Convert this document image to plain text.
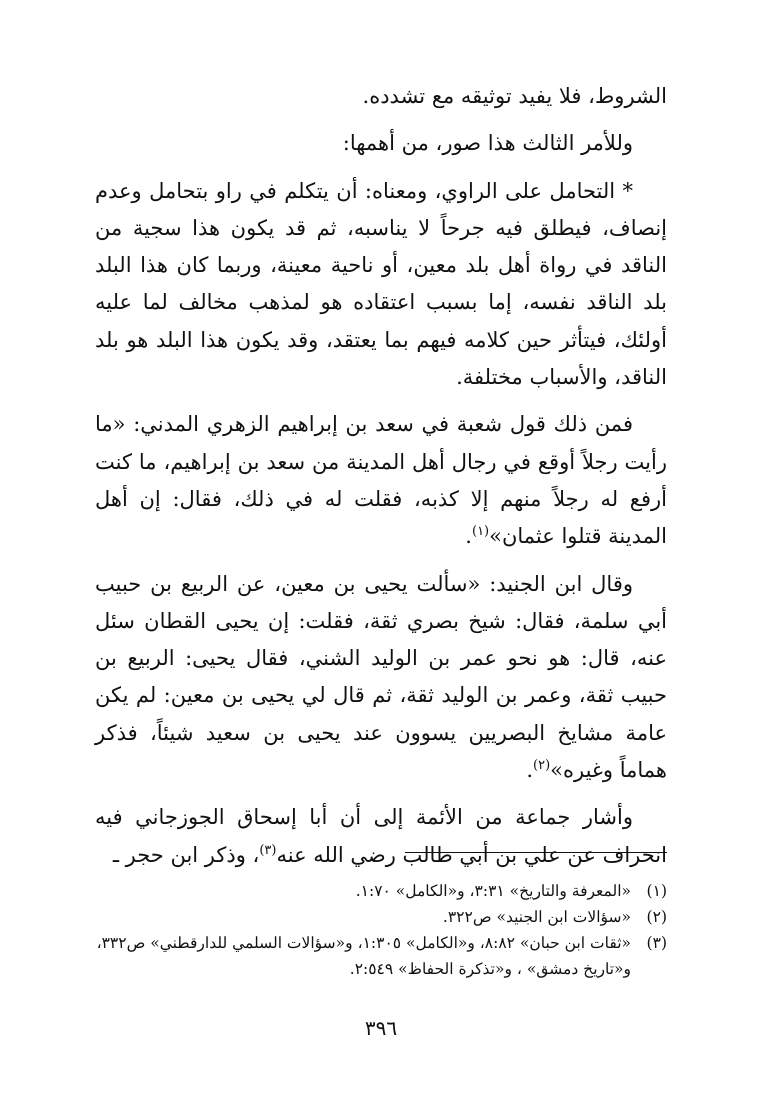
الشروط، فلا يفيد توثيقه مع تشدده.

وللأمر الثالث هذا صور، من أهمها:

* التحامل على الراوي، ومعناه: أن يتكلم في راو بتحامل وعدم إنصاف، فيطلق فيه جرحاً لا يناسبه، ثم قد يكون هذا سجية من الناقد في رواة أهل بلد معين، أو ناحية معينة، وربما كان هذا البلد بلد الناقد نفسه، إما بسبب اعتقاده هو لمذهب مخالف لما عليه أولئك، فيتأثر حين كلامه فيهم بما يعتقد، وقد يكون هذا البلد هو بلد الناقد، والأسباب مختلفة.

فمن ذلك قول شعبة في سعد بن إبراهيم الزهري المدني: «ما رأيت رجلاً أوقع في رجال أهل المدينة من سعد بن إبراهيم، ما كنت أرفع له رجلاً منهم إلا كذبه، فقلت له في ذلك، فقال: إن أهل المدينة قتلوا عثمان»$^{(١)}$.

وقال ابن الجنيد: «سألت يحيى بن معين، عن الربيع بن حبيب أبي سلمة، فقال: شيخ بصري ثقة، فقلت: إن يحيى القطان سئل عنه، قال: هو نحو عمر بن الوليد الشني، فقال يحيى: الربيع بن حبيب ثقة، وعمر بن الوليد ثقة، ثم قال لي يحيى بن معين: لم يكن عامة مشايخ البصريين يسوون عند يحيى بن سعيد شيئاً، فذكر هماماً وغيره»$^{(٢)}$.

وأشار جماعة من الأئمة إلى أن أبا إسحاق الجوزجاني فيه انحراف عن علي بن أبي طالب رضي الله عنه$^{(٣)}$، وذكر ابن حجر ـ

(١)
«المعرفة والتاريخ» ٣:٣١، و«الكامل» ١:٧٠.
(٢)
«سؤالات ابن الجنيد» ص٣٢٢.
(٣)
«ثقات ابن حبان» ٨:٨٢، و«الكامل» ١:٣٠٥، و«سؤالات السلمي للدارقطني» ص٣٣٢، و«تاريخ دمشق» ، و«تذكرة الحفاظ» ٢:٥٤٩.
٣٩٦
